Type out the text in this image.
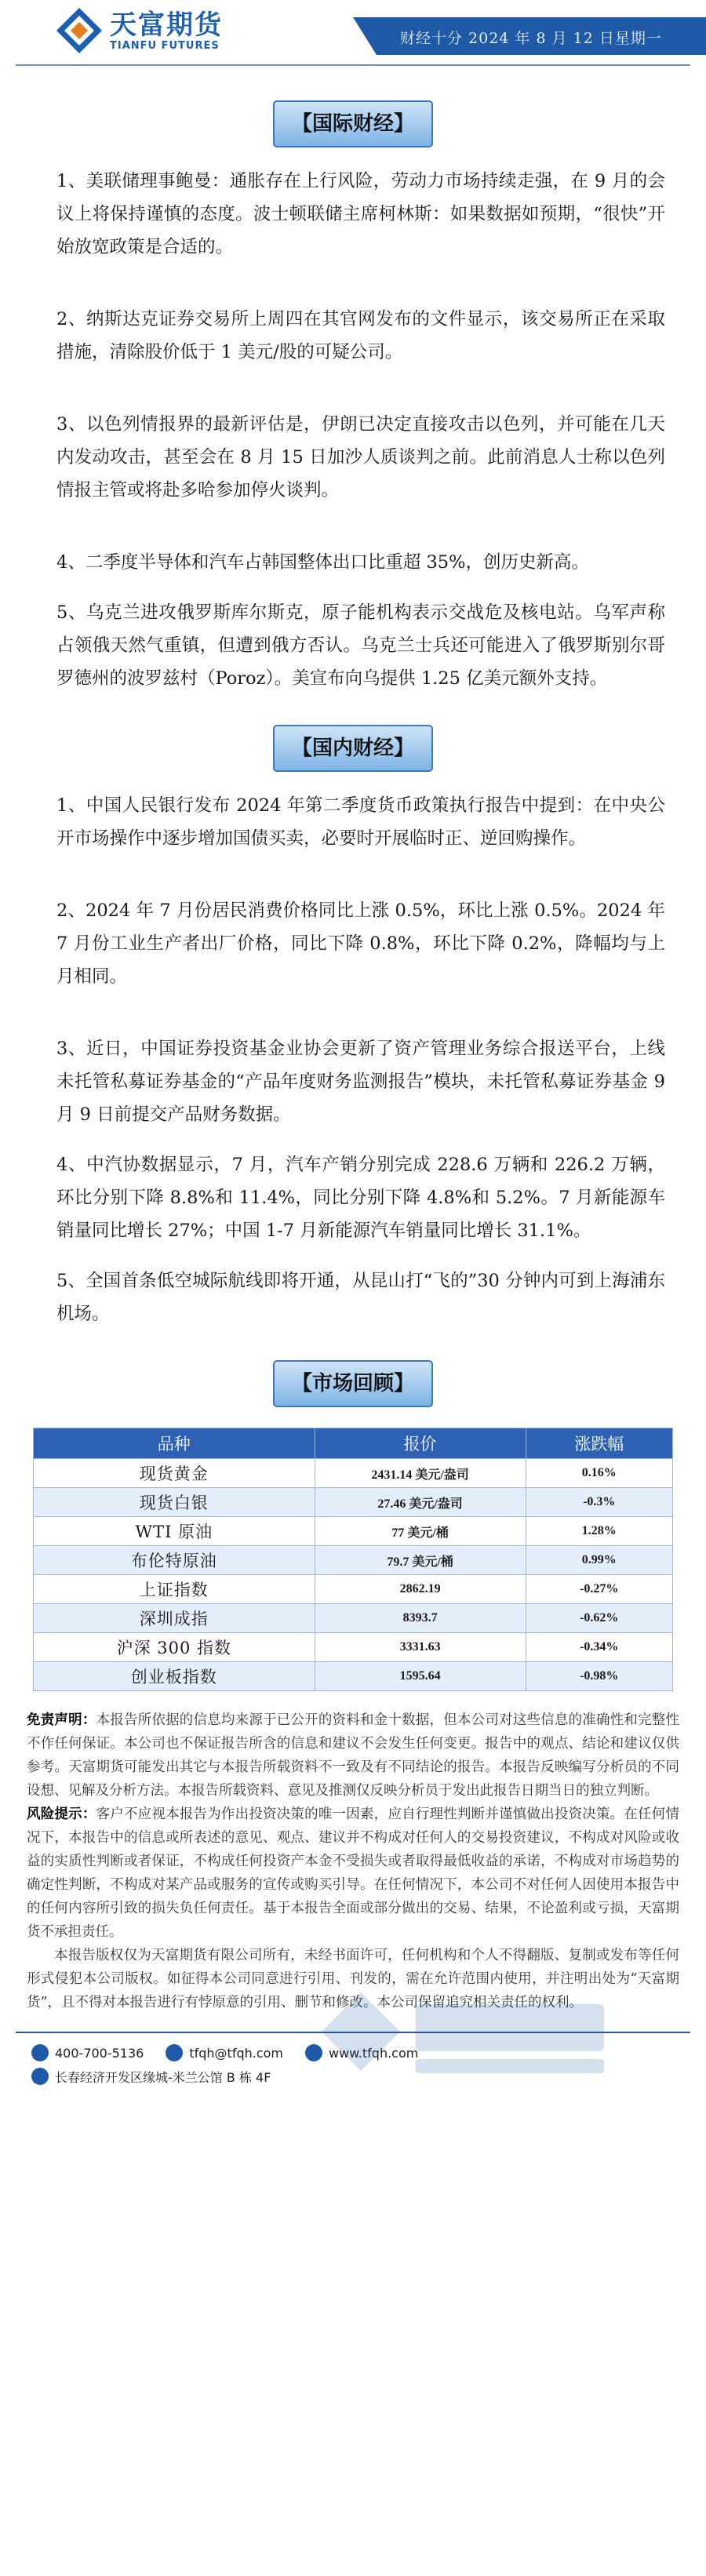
天富期货
TIANFU FUTURES	财经十分 2024 年 8 月 12 日星期一
【国际财经】

1、美联储理事鲍曼：通胀存在上行风险，劳动力市场持续走强，在 9 月的会议上将保持谨慎的态度。波士顿联储主席柯林斯：如果数据如预期，“很快”开始放宽政策是合适的。

2、纳斯达克证券交易所上周四在其官网发布的文件显示，该交易所正在采取措施，清除股价低于 1 美元/股的可疑公司。

3、以色列情报界的最新评估是，伊朗已决定直接攻击以色列，并可能在几天内发动攻击，甚至会在 8 月 15 日加沙人质谈判之前。此前消息人士称以色列情报主管或将赴多哈参加停火谈判。

4、二季度半导体和汽车占韩国整体出口比重超 35%，创历史新高。

5、乌克兰进攻俄罗斯库尔斯克，原子能机构表示交战危及核电站。乌军声称占领俄天然气重镇，但遭到俄方否认。乌克兰士兵还可能进入了俄罗斯别尔哥罗德州的波罗兹村（Poroz）。美宣布向乌提供 1.25 亿美元额外支持。

【国内财经】

1、中国人民银行发布 2024 年第二季度货币政策执行报告中提到：在中央公开市场操作中逐步增加国债买卖，必要时开展临时正、逆回购操作。

2、2024 年 7 月份居民消费价格同比上涨 0.5%，环比上涨 0.5%。2024 年 7 月份工业生产者出厂价格，同比下降 0.8%，环比下降 0.2%，降幅均与上月相同。

3、近日，中国证券投资基金业协会更新了资产管理业务综合报送平台，上线未托管私募证券基金的“产品年度财务监测报告”模块，未托管私募证券基金 9 月 9 日前提交产品财务数据。

4、中汽协数据显示，7 月，汽车产销分别完成 228.6 万辆和 226.2 万辆，环比分别下降 8.8%和 11.4%，同比分别下降 4.8%和 5.2%。7 月新能源车销量同比增长 27%；中国 1-7 月新能源汽车销量同比增长 31.1%。

5、全国首条低空城际航线即将开通，从昆山打“飞的”30 分钟内可到上海浦东机场。

【市场回顾】
品种	报价	涨跌幅
现货黄金	2431.14 美元/盎司	0.16%
现货白银	27.46 美元/盎司	-0.3%
WTI 原油	77 美元/桶	1.28%
布伦特原油	79.7 美元/桶	0.99%
上证指数	2862.19	-0.27%
深圳成指	8393.7	-0.62%
沪深 300 指数	3331.63	-0.34%
创业板指数	1595.64	-0.98%
免责声明：本报告所依据的信息均来源于已公开的资料和金十数据，但本公司对这些信息的准确性和完整性不作任何保证。本公司也不保证报告所含的信息和建议不会发生任何变更。报告中的观点、结论和建议仅供参考。天富期货可能发出其它与本报告所载资料不一致及有不同结论的报告。本报告反映编写分析员的不同设想、见解及分析方法。本报告所载资料、意见及推测仅反映分析员于发出此报告日期当日的独立判断。
风险提示：客户不应视本报告为作出投资决策的唯一因素，应自行理性判断并谨慎做出投资决策。在任何情况下，本报告中的信息或所表述的意见、观点、建议并不构成对任何人的交易投资建议，不构成对风险或收益的实质性判断或者保证，不构成任何投资产本金不受损失或者取得最低收益的承诺，不构成对市场趋势的确定性判断，不构成对某产品或服务的宣传或购买引导。在任何情况下，本公司不对任何人因使用本报告中的任何内容所引致的损失负任何责任。基于本报告全面或部分做出的交易、结果，不论盈利或亏损，天富期货不承担责任。
本报告版权仅为天富期货有限公司所有，未经书面许可，任何机构和个人不得翻版、复制或发布等任何形式侵犯本公司版权。如征得本公司同意进行引用、刊发的，需在允许范围内使用，并注明出处为“天富期货”，且不得对本报告进行有悖原意的引用、删节和修改。本公司保留追究相关责任的权利。
400-700-5136	tfqh@tfqh.com	www.tfqh.com
长春经济开发区缘城-米兰公馆 B 栋 4F
